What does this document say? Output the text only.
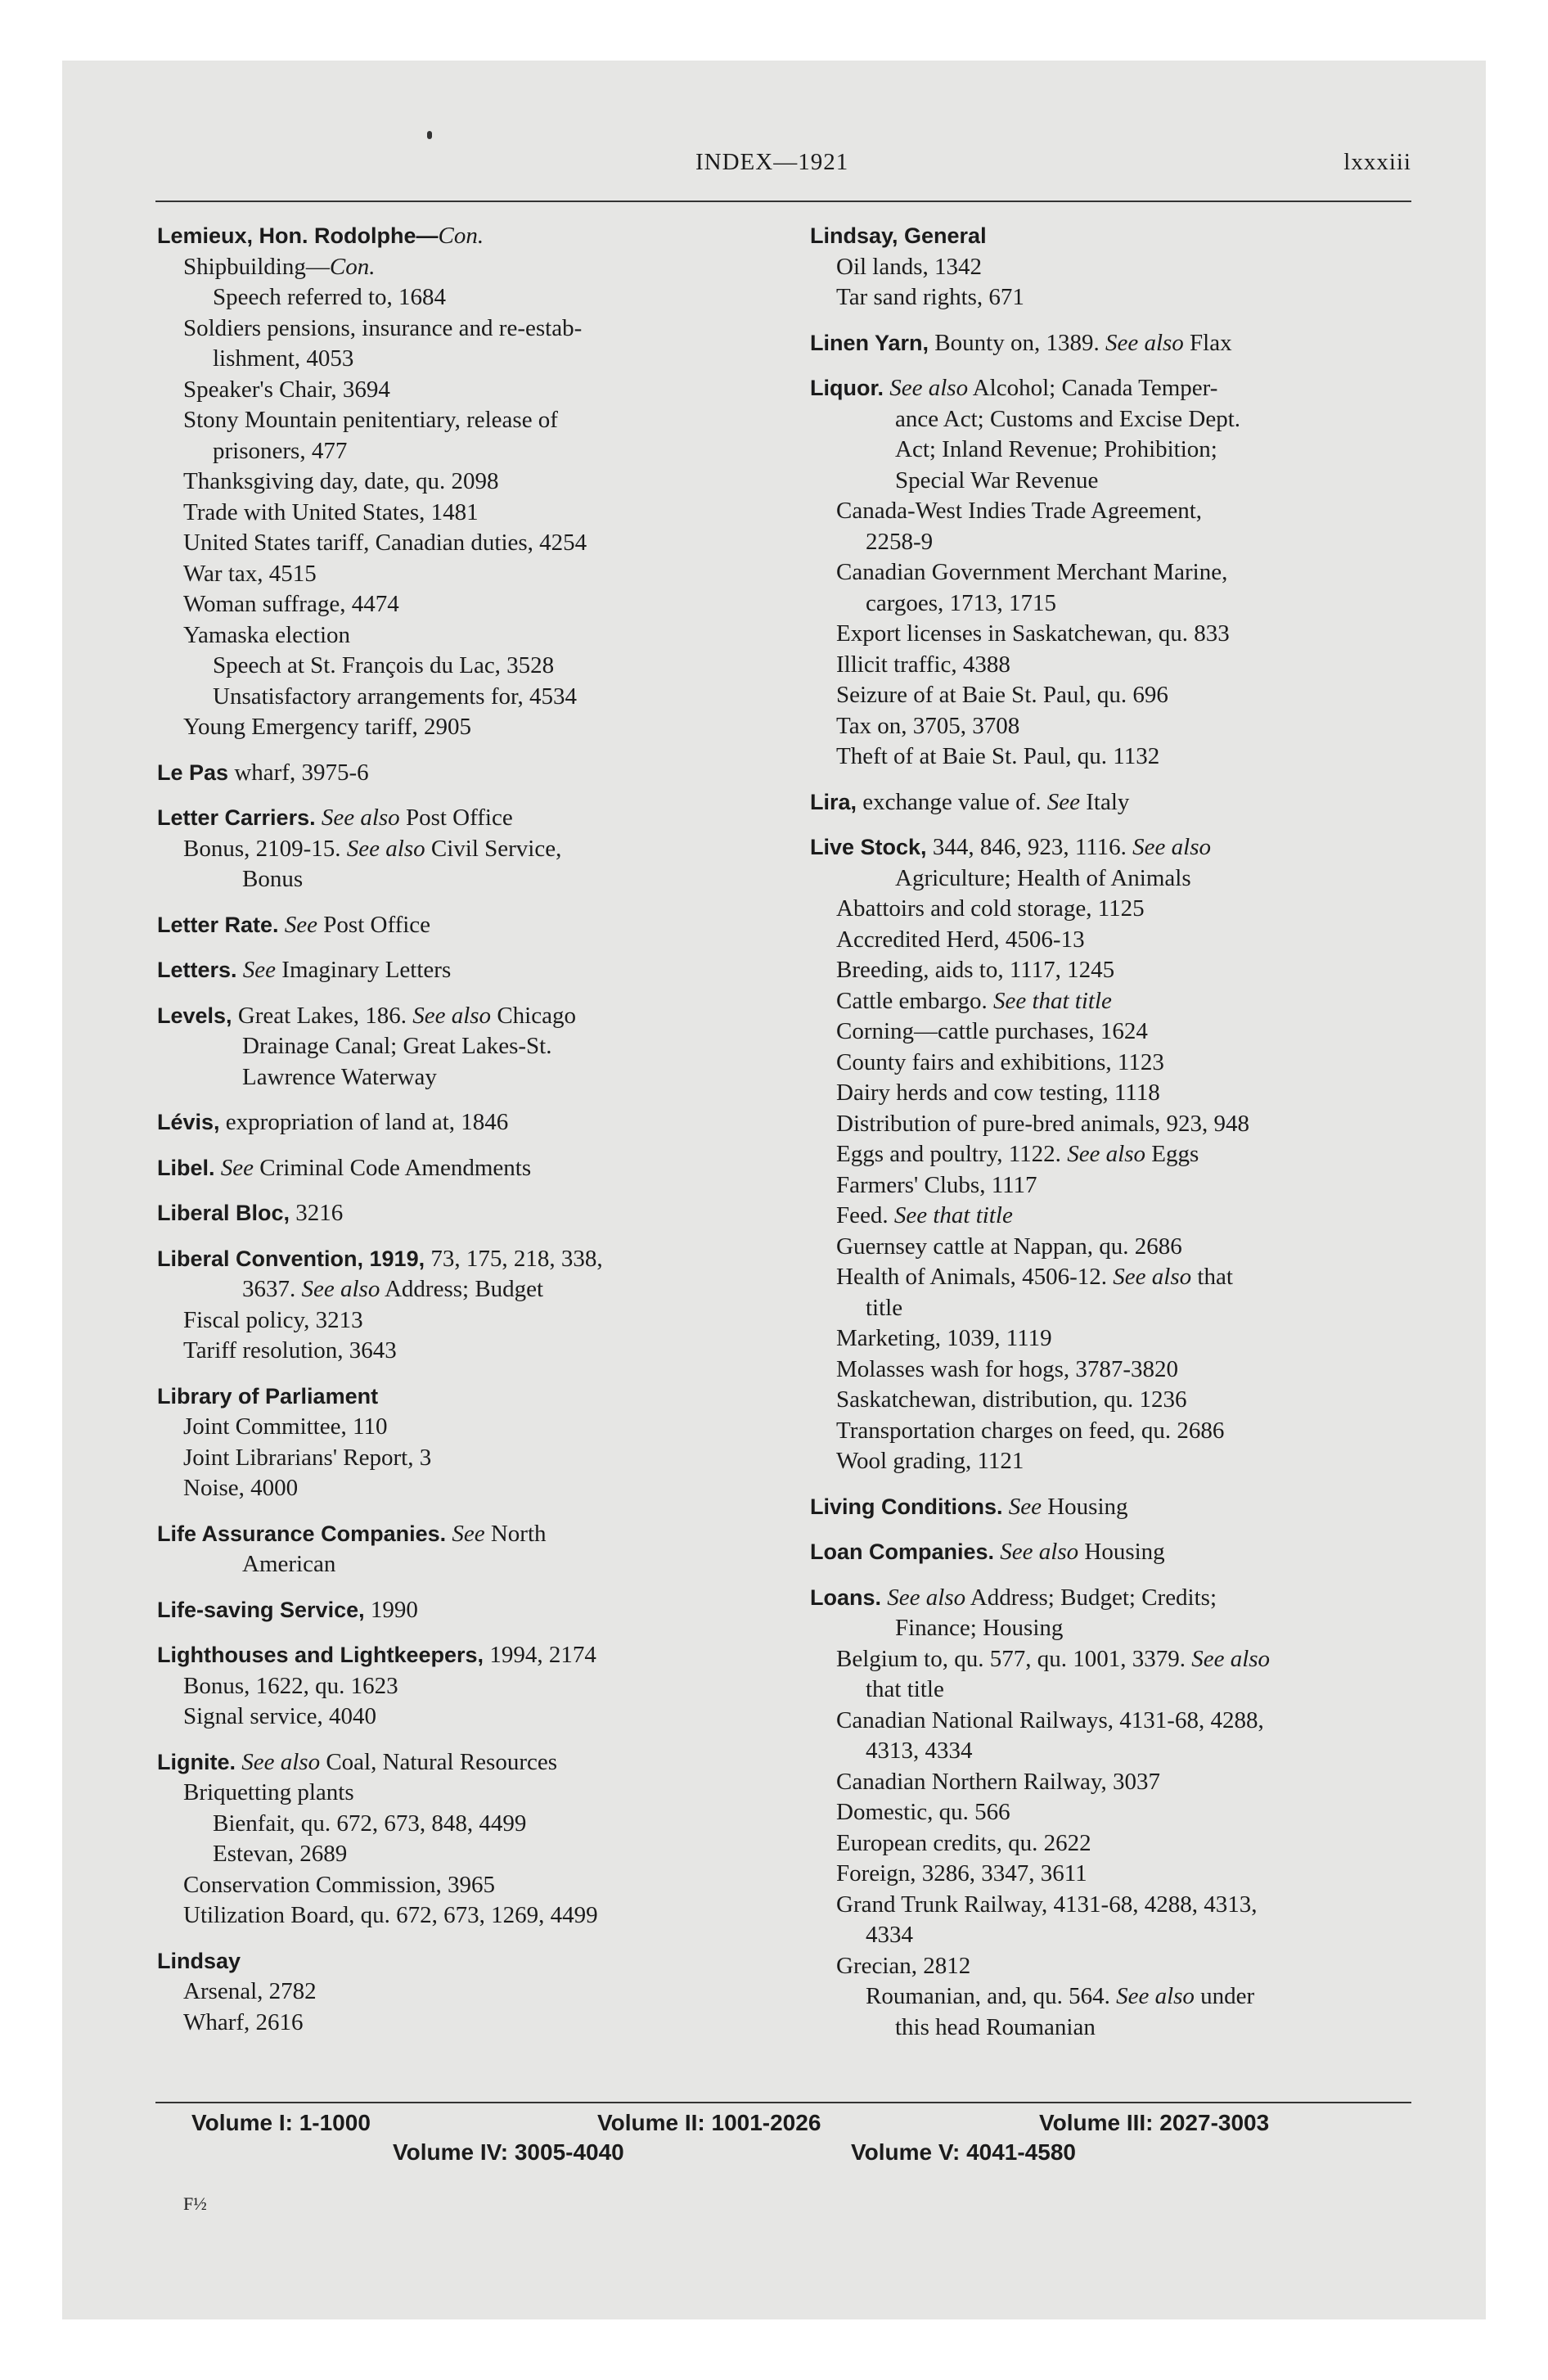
INDEX—1921	lxxxiii
Lemieux, Hon. Rodolphe—Con.
Shipbuilding—Con.
Speech referred to, 1684
Soldiers pensions, insurance and re-estab-
lishment, 4053
Speaker's Chair, 3694
Stony Mountain penitentiary, release of
prisoners, 477
Thanksgiving day, date, qu. 2098
Trade with United States, 1481
United States tariff, Canadian duties, 4254
War tax, 4515
Woman suffrage, 4474
Yamaska election
Speech at St. François du Lac, 3528
Unsatisfactory arrangements for, 4534
Young Emergency tariff, 2905
Le Pas wharf, 3975-6
Letter Carriers. See also Post Office
Bonus, 2109-15. See also Civil Service,
Bonus
Letter Rate. See Post Office
Letters. See Imaginary Letters
Levels, Great Lakes, 186. See also Chicago
Drainage Canal; Great Lakes-St.
Lawrence Waterway
Lévis, expropriation of land at, 1846
Libel. See Criminal Code Amendments
Liberal Bloc, 3216
Liberal Convention, 1919, 73, 175, 218, 338,
3637. See also Address; Budget
Fiscal policy, 3213
Tariff resolution, 3643
Library of Parliament
Joint Committee, 110
Joint Librarians' Report, 3
Noise, 4000
Life Assurance Companies. See North
American
Life-saving Service, 1990
Lighthouses and Lightkeepers, 1994, 2174
Bonus, 1622, qu. 1623
Signal service, 4040
Lignite. See also Coal, Natural Resources
Briquetting plants
Bienfait, qu. 672, 673, 848, 4499
Estevan, 2689
Conservation Commission, 3965
Utilization Board, qu. 672, 673, 1269, 4499
Lindsay
Arsenal, 2782
Wharf, 2616
Lindsay, General
Oil lands, 1342
Tar sand rights, 671
Linen Yarn, Bounty on, 1389. See also Flax
Liquor. See also Alcohol; Canada Temper-
ance Act; Customs and Excise Dept.
Act; Inland Revenue; Prohibition;
Special War Revenue
Canada-West Indies Trade Agreement,
2258-9
Canadian Government Merchant Marine,
cargoes, 1713, 1715
Export licenses in Saskatchewan, qu. 833
Illicit traffic, 4388
Seizure of at Baie St. Paul, qu. 696
Tax on, 3705, 3708
Theft of at Baie St. Paul, qu. 1132
Lira, exchange value of. See Italy
Live Stock, 344, 846, 923, 1116. See also
Agriculture; Health of Animals
Abattoirs and cold storage, 1125
Accredited Herd, 4506-13
Breeding, aids to, 1117, 1245
Cattle embargo. See that title
Corning—cattle purchases, 1624
County fairs and exhibitions, 1123
Dairy herds and cow testing, 1118
Distribution of pure-bred animals, 923, 948
Eggs and poultry, 1122. See also Eggs
Farmers' Clubs, 1117
Feed. See that title
Guernsey cattle at Nappan, qu. 2686
Health of Animals, 4506-12. See also that
title
Marketing, 1039, 1119
Molasses wash for hogs, 3787-3820
Saskatchewan, distribution, qu. 1236
Transportation charges on feed, qu. 2686
Wool grading, 1121
Living Conditions. See Housing
Loan Companies. See also Housing
Loans. See also Address; Budget; Credits;
Finance; Housing
Belgium to, qu. 577, qu. 1001, 3379. See also
that title
Canadian National Railways, 4131-68, 4288,
4313, 4334
Canadian Northern Railway, 3037
Domestic, qu. 566
European credits, qu. 2622
Foreign, 3286, 3347, 3611
Grand Trunk Railway, 4131-68, 4288, 4313,
4334
Grecian, 2812
Roumanian, and, qu. 564. See also under
this head Roumanian
Volume I: 1-1000	Volume II: 1001-2026	Volume III: 2027-3003
Volume IV: 3005-4040	Volume V: 4041-4580
F½
